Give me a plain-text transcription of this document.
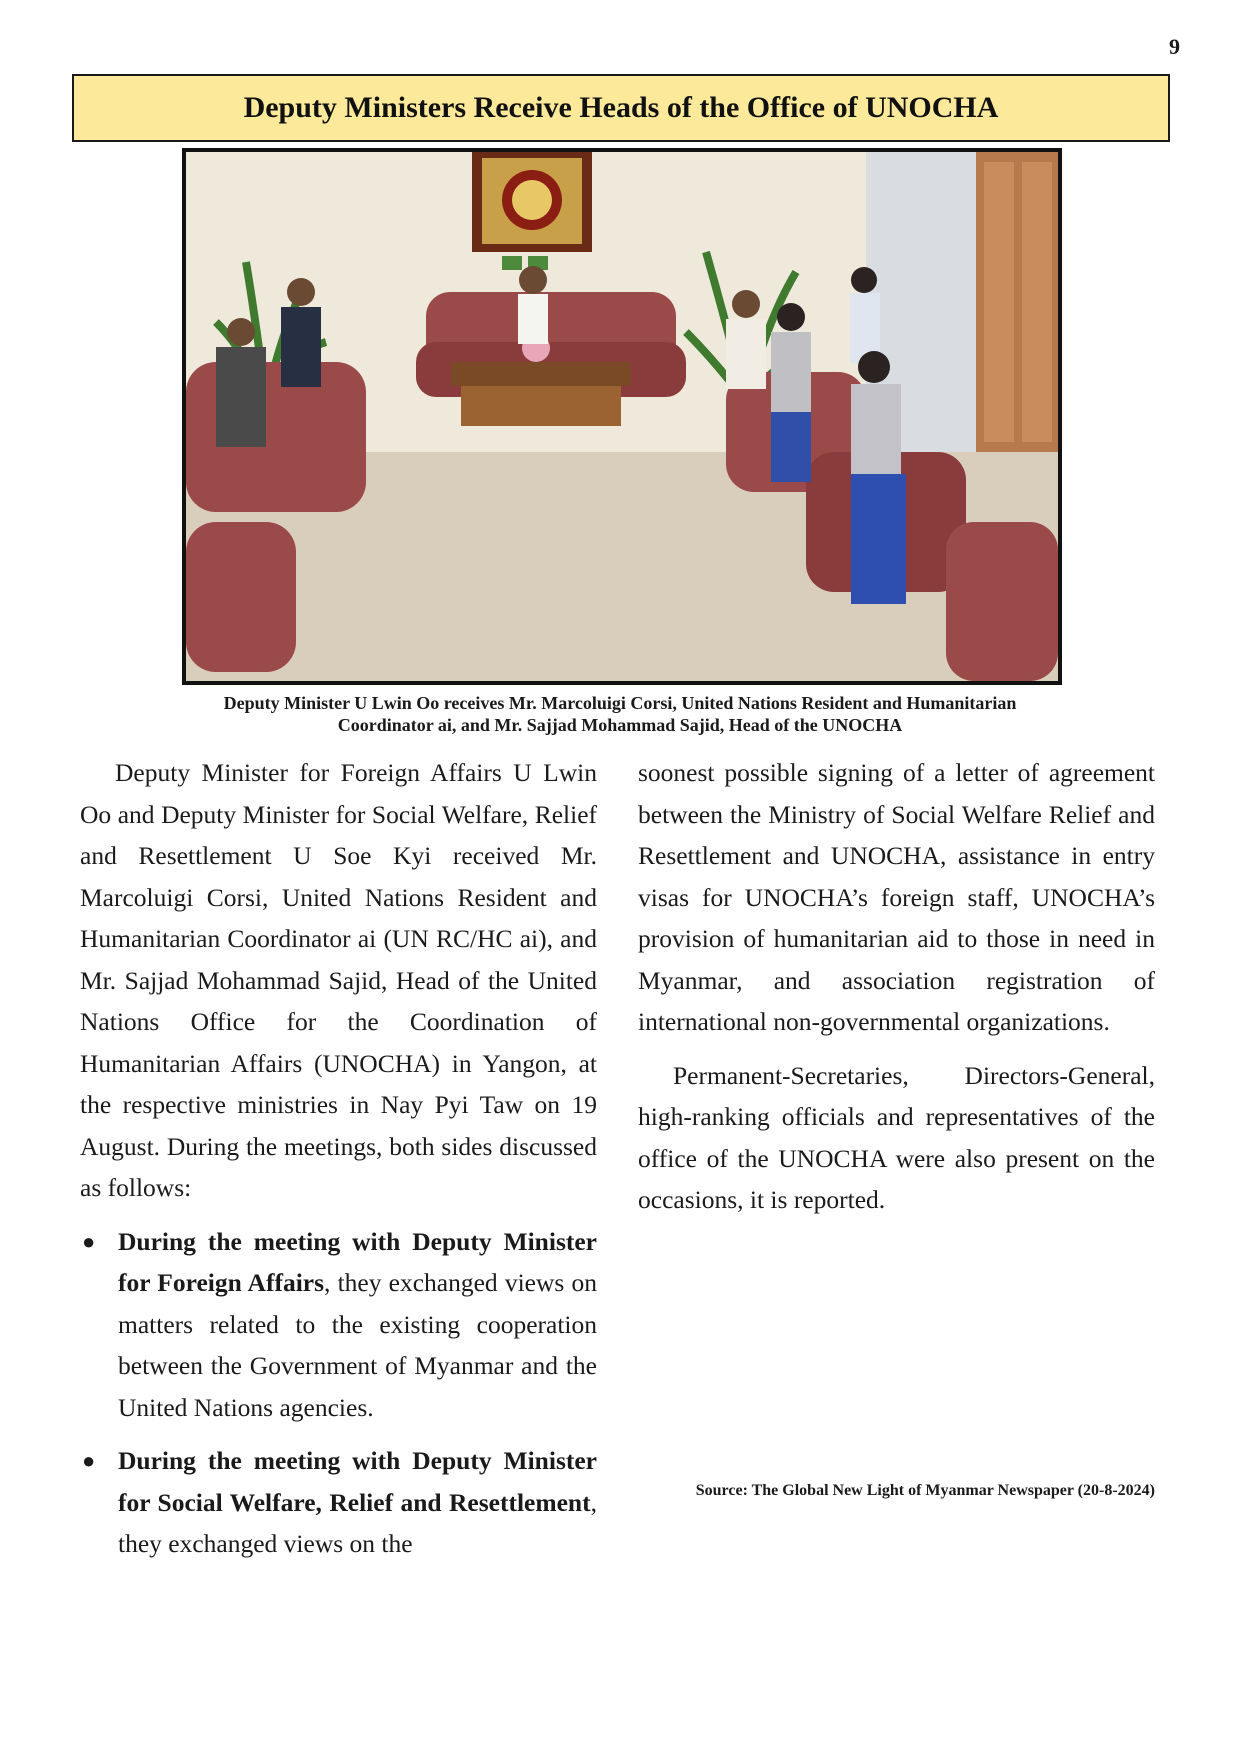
9
Deputy Ministers Receive Heads of the Office of UNOCHA
Deputy Minister U Lwin Oo receives Mr. Marcoluigi Corsi, United Nations Resident and Humanitarian
Coordinator ai, and Mr. Sajjad Mohammad Sajid, Head of the UNOCHA

Deputy Minister for Foreign Affairs U Lwin Oo and Deputy Minister for Social Welfare, Relief and Resettlement U Soe Kyi received Mr. Marcoluigi Corsi, United Nations Resident and Humanitarian Coordinator ai (UN RC/HC ai), and Mr. Sajjad Mohammad Sajid, Head of the United Nations Office for the Coordination of Humanitarian Affairs (UNOCHA) in Yangon, at the respective ministries in Nay Pyi Taw on 19 August. During the meetings, both sides discussed as follows:

● During the meeting with Deputy Minister for Foreign Affairs, they exchanged views on matters related to the existing cooperation between the Government of Myanmar and the United Nations agencies.
● During the meeting with Deputy Minister for Social Welfare, Relief and Resettlement, they exchanged views on the

soonest possible signing of a letter of agreement between the Ministry of Social Welfare Relief and Resettlement and UNOCHA, assistance in entry visas for UNOCHA’s foreign staff, UNOCHA’s provision of humanitarian aid to those in need in Myanmar, and association registration of international non-governmental organizations.

Permanent-Secretaries, Directors-General, high-ranking officials and representatives of the office of the UNOCHA were also present on the occasions, it is reported.

Source: The Global New Light of Myanmar Newspaper (20-8-2024)
